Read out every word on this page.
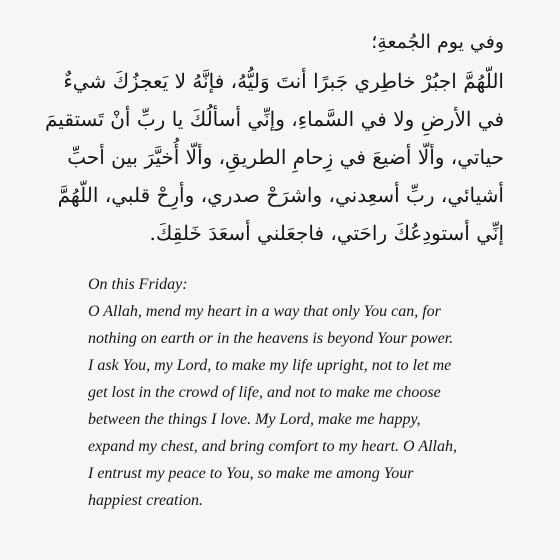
وفي يوم الجُمعةِ؛
اللّهُمَّ اجبُرْ خاطِري جَبرًا أنتَ وَليُّهُ، فإنَّهُ لا يَعجزُكَ شيءٌ
في الأرضِ ولا في السَّماءِ، وإنِّي أسألُكَ يا ربِّ أنْ تَستقيمَ
حياتي، وألّا أضيعَ في زِحامِ الطريقِ، وألّا أُخيَّرَ بين أحبِّ
أشيائي، ربِّ أسعِدني، واشرَحْ صدري، وأرِحْ قلبي، اللّهُمَّ
إنِّي أستودِعُكَ راحَتي، فاجعَلني أسعَدَ خَلقِكَ.
On this Friday:
O Allah, mend my heart in a way that only You can, for
nothing on earth or in the heavens is beyond Your power.
I ask You, my Lord, to make my life upright, not to let me
get lost in the crowd of life, and not to make me choose
between the things I love. My Lord, make me happy,
expand my chest, and bring comfort to my heart. O Allah,
I entrust my peace to You, so make me among Your
happiest creation.
